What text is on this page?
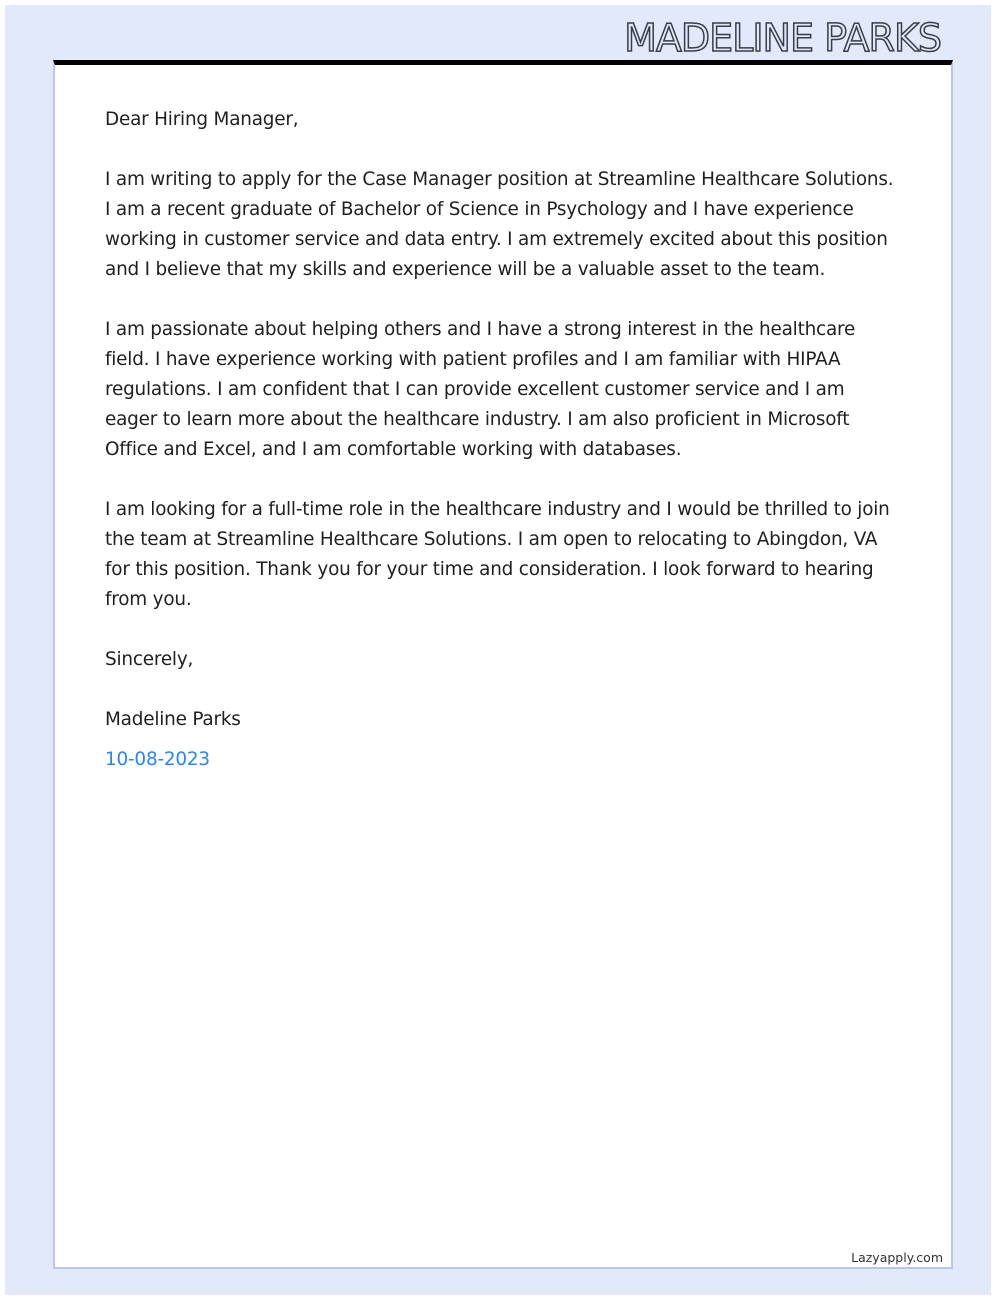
MADELINE PARKS

Dear Hiring Manager,

I am writing to apply for the Case Manager position at Streamline Healthcare Solutions. I am a recent graduate of Bachelor of Science in Psychology and I have experience working in customer service and data entry. I am extremely excited about this position and I believe that my skills and experience will be a valuable asset to the team.

I am passionate about helping others and I have a strong interest in the healthcare field. I have experience working with patient profiles and I am familiar with HIPAA regulations. I am confident that I can provide excellent customer service and I am eager to learn more about the healthcare industry. I am also proficient in Microsoft Office and Excel, and I am comfortable working with databases.

I am looking for a full-time role in the healthcare industry and I would be thrilled to join the team at Streamline Healthcare Solutions. I am open to relocating to Abingdon, VA for this position. Thank you for your time and consideration. I look forward to hearing from you.

Sincerely,

Madeline Parks

10-08-2023

Lazyapply.com
